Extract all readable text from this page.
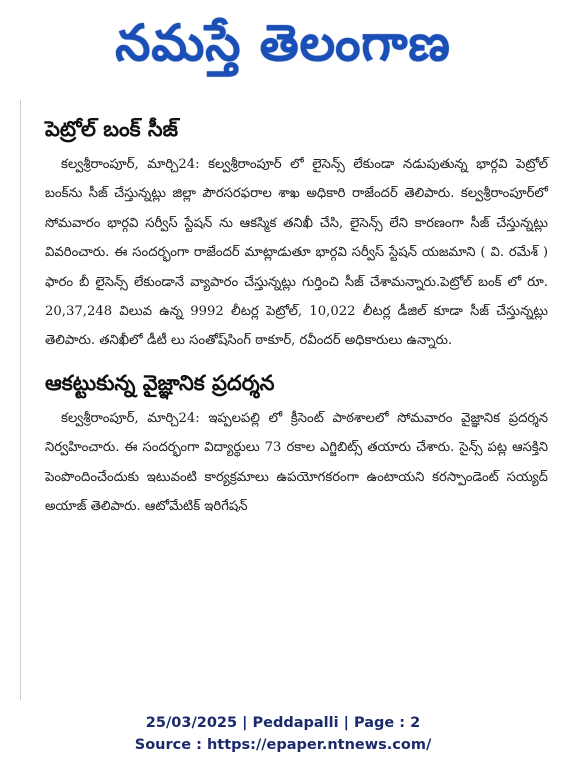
నమస్తే తెలంగాణ
పెట్రోల్ బంక్ సీజ్

కల్వశ్రీరాంపూర్, మార్చి24: కల్వశ్రీరాంపూర్ లో లైసెన్స్ లేకుండా నడుపుతున్న భార్గవి పెట్రోల్ బంక్‌ను సీజ్ చేస్తున్నట్లు జిల్లా పౌరసరఫరాల శాఖ అధికారి రాజేందర్ తెలిపారు. కల్వశ్రీరాంపూర్‌లో సోమవారం భార్గవి సర్వీస్ స్టేషన్ ను ఆకస్మిక తనిఖీ చేసి, లైసెన్స్ లేని కారణంగా సీజ్ చేస్తున్నట్లు వివరించారు. ఈ సందర్భంగా రాజేందర్ మాట్లాడుతూ భార్గవి సర్వీస్ స్టేషన్ యజమాని ( వి. రమేశ్ ) ఫారం బీ లైసెన్స్ లేకుండానే వ్యాపారం చేస్తున్నట్లు గుర్తించి సీజ్ చేశామన్నారు.పెట్రోల్ బంక్ లో రూ. 20,37,248 విలువ ఉన్న 9992 లీటర్ల పెట్రోల్, 10,022 లీటర్ల డీజిల్ కూడా సీజ్ చేస్తున్నట్లు తెలిపారు. తనిఖీలో డీటీ లు సంతోష్‌సింగ్ ఠాకూర్, రవీందర్ అధికారులు ఉన్నారు.

ఆకట్టుకున్న వైజ్ఞానిక ప్రదర్శన

కల్వశ్రీరాంపూర్, మార్చి24: ఇప్పలపల్లి లో క్రీసెంట్ పాఠశాలలో సోమవారం వైజ్ఞానిక ప్రదర్శన నిర్వహించారు. ఈ సందర్భంగా విద్యార్థులు 73 రకాల ఎగ్జిబిట్స్ తయారు చేశారు. సైన్స్ పట్ల ఆసక్తిని పెంపొందించేందుకు ఇటువంటి కార్యక్రమాలు ఉపయోగకరంగా ఉంటాయని కరస్పాండెంట్ సయ్యద్ అయాజ్ తెలిపారు. ఆటోమేటిక్ ఇరిగేషన్

25/03/2025 | Peddapalli | Page : 2
Source : https://epaper.ntnews.com/
